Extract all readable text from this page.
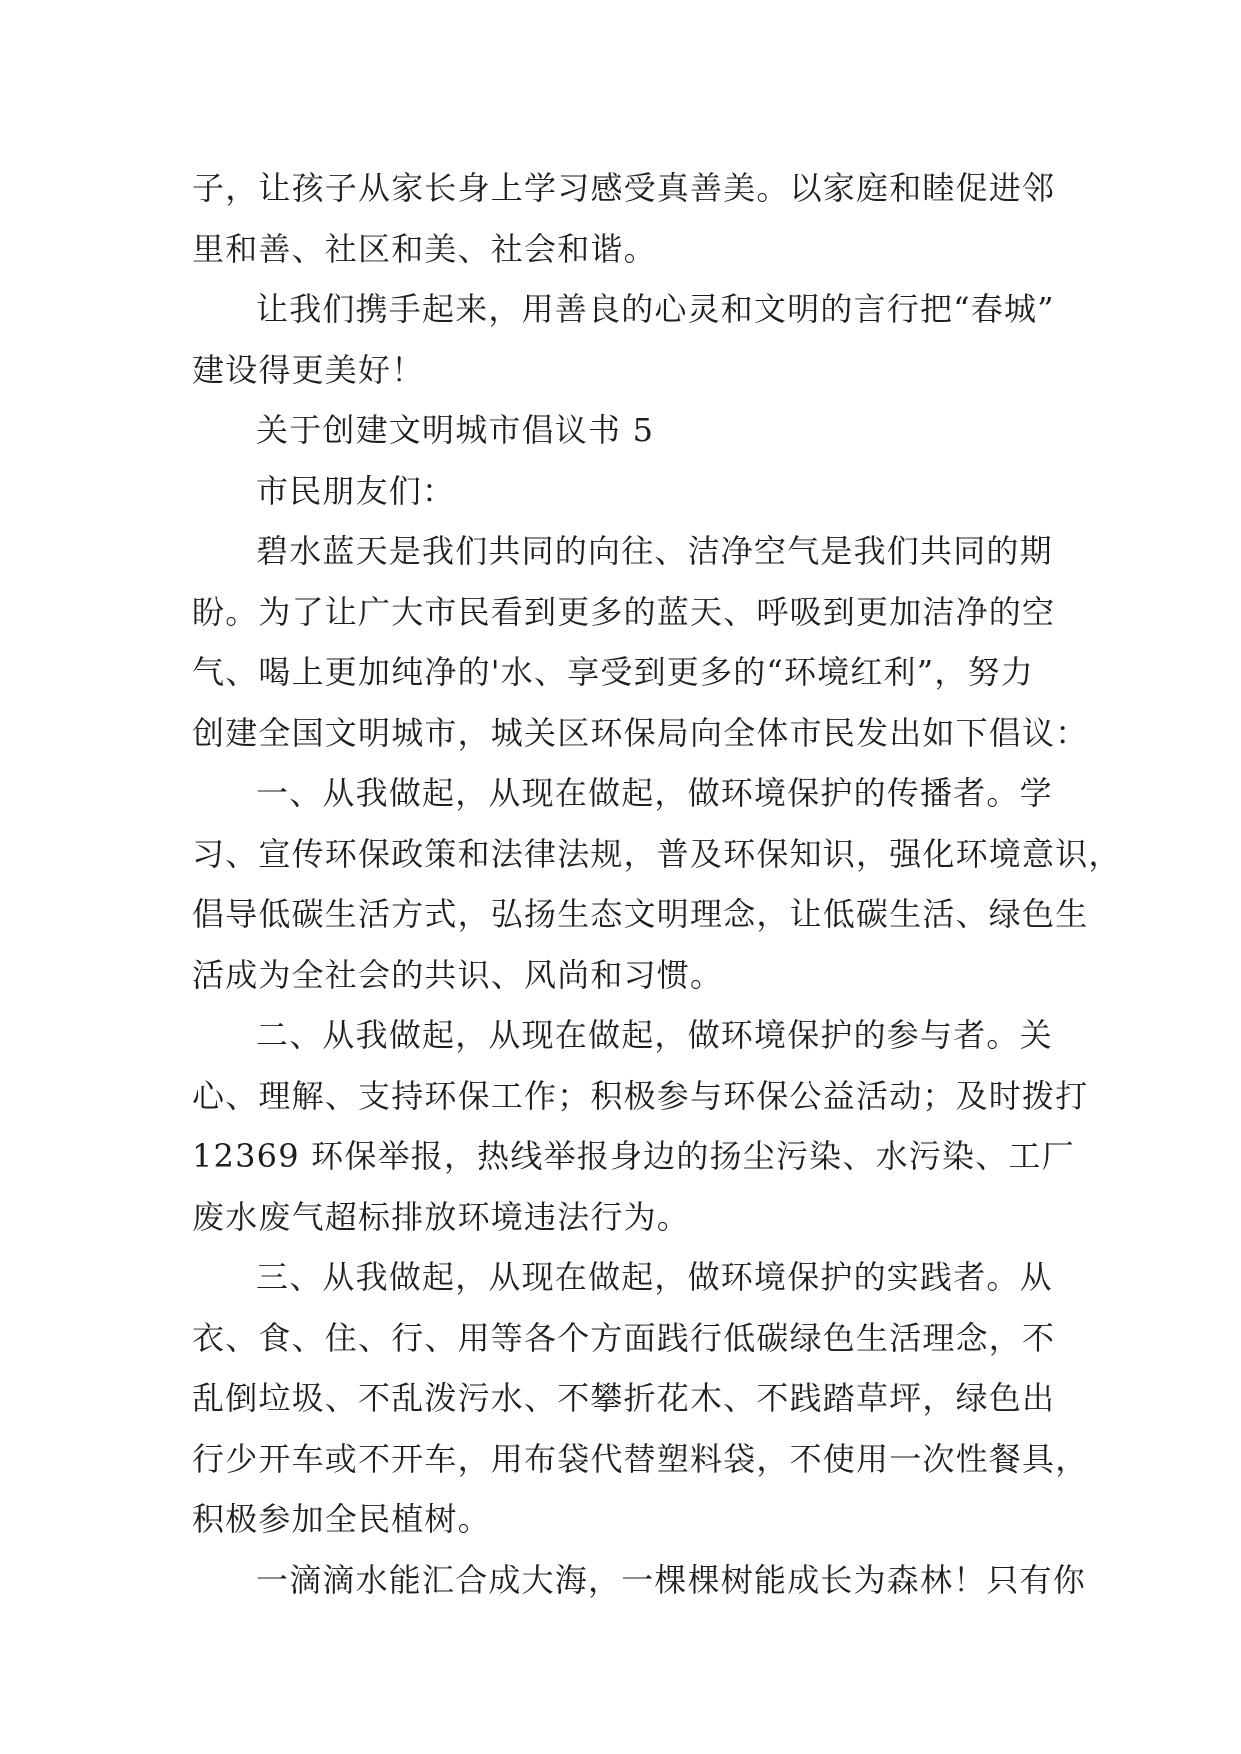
子，让孩子从家长身上学习感受真善美。以家庭和睦促进邻
里和善、社区和美、社会和谐。
让我们携手起来，用善良的心灵和文明的言行把“春城”
建设得更美好！
关于创建文明城市倡议书 5
市民朋友们：
碧水蓝天是我们共同的向往、洁净空气是我们共同的期
盼。为了让广大市民看到更多的蓝天、呼吸到更加洁净的空
气、喝上更加纯净的'水、享受到更多的“环境红利”，努力
创建全国文明城市，城关区环保局向全体市民发出如下倡议：
一、从我做起，从现在做起，做环境保护的传播者。学
习、宣传环保政策和法律法规，普及环保知识，强化环境意识，
倡导低碳生活方式，弘扬生态文明理念，让低碳生活、绿色生
活成为全社会的共识、风尚和习惯。
二、从我做起，从现在做起，做环境保护的参与者。关
心、理解、支持环保工作；积极参与环保公益活动；及时拨打
12369 环保举报，热线举报身边的扬尘污染、水污染、工厂
废水废气超标排放环境违法行为。
三、从我做起，从现在做起，做环境保护的实践者。从
衣、食、住、行、用等各个方面践行低碳绿色生活理念，不
乱倒垃圾、不乱泼污水、不攀折花木、不践踏草坪，绿色出
行少开车或不开车，用布袋代替塑料袋，不使用一次性餐具，
积极参加全民植树。
一滴滴水能汇合成大海，一棵棵树能成长为森林！只有你
